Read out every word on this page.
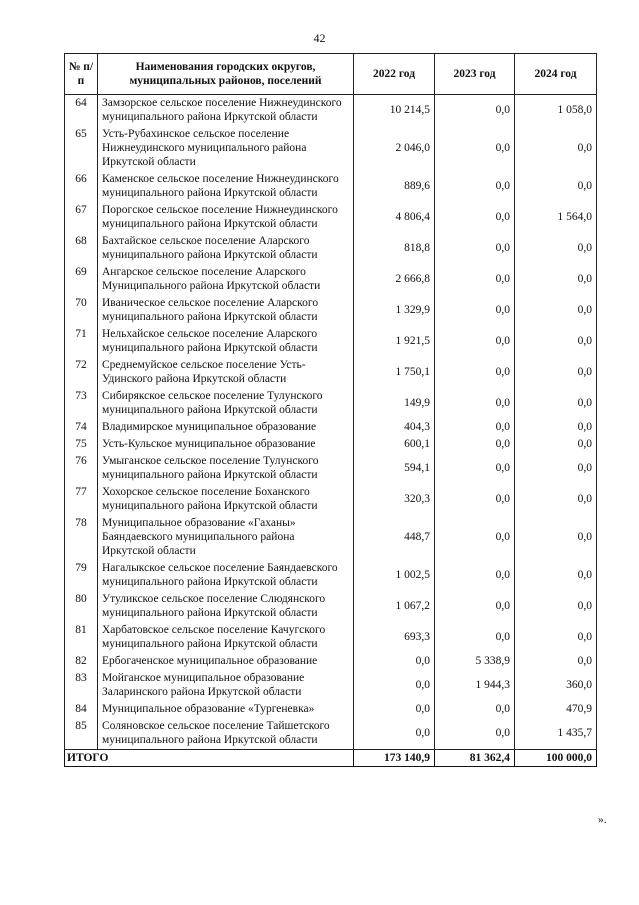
42
№ п/п	Наименования городских округов, муниципальных районов, поселений	2022 год	2023 год	2024 год
64	Замзорское сельское поселение Нижнеудинского муниципального района Иркутской области	10 214,5	0,0	1 058,0
65	Усть-Рубахинское сельское поселение Нижнеудинского муниципального района Иркутской области	2 046,0	0,0	0,0
66	Каменское сельское поселение Нижнеудинского муниципального района Иркутской области	889,6	0,0	0,0
67	Порогское сельское поселение Нижнеудинского муниципального района Иркутской области	4 806,4	0,0	1 564,0
68	Бахтайское сельское поселение Аларского муниципального района Иркутской области	818,8	0,0	0,0
69	Ангарское сельское поселение Аларского Муниципального района Иркутской области	2 666,8	0,0	0,0
70	Иваническое сельское поселение Аларского муниципального района Иркутской области	1 329,9	0,0	0,0
71	Нельхайское сельское поселение Аларского муниципального района Иркутской области	1 921,5	0,0	0,0
72	Среднемуйское сельское поселение Усть-Удинского района Иркутской области	1 750,1	0,0	0,0
73	Сибирякское сельское поселение Тулунского муниципального района Иркутской области	149,9	0,0	0,0
74	Владимирское муниципальное образование	404,3	0,0	0,0
75	Усть-Кульское муниципальное образование	600,1	0,0	0,0
76	Умыганское сельское поселение Тулунского муниципального района Иркутской области	594,1	0,0	0,0
77	Хохорское сельское поселение Боханского муниципального района Иркутской области	320,3	0,0	0,0
78	Муниципальное образование «Гаханы» Баяндаевского муниципального района Иркутской области	448,7	0,0	0,0
79	Нагалыкское сельское поселение Баяндаевского муниципального района Иркутской области	1 002,5	0,0	0,0
80	Утуликское сельское поселение Слюдянского муниципального района Иркутской области	1 067,2	0,0	0,0
81	Харбатовское сельское поселение Качугского муниципального района Иркутской области	693,3	0,0	0,0
82	Ербогаченское муниципальное образование	0,0	5 338,9	0,0
83	Мойганское муниципальное образование Заларинского района Иркутской области	0,0	1 944,3	360,0
84	Муниципальное образование «Тургеневка»	0,0	0,0	470,9
85	Соляновское сельское поселение Тайшетского муниципального района Иркутской области	0,0	0,0	1 435,7
ИТОГО		173 140,9	81 362,4	100 000,0
».
